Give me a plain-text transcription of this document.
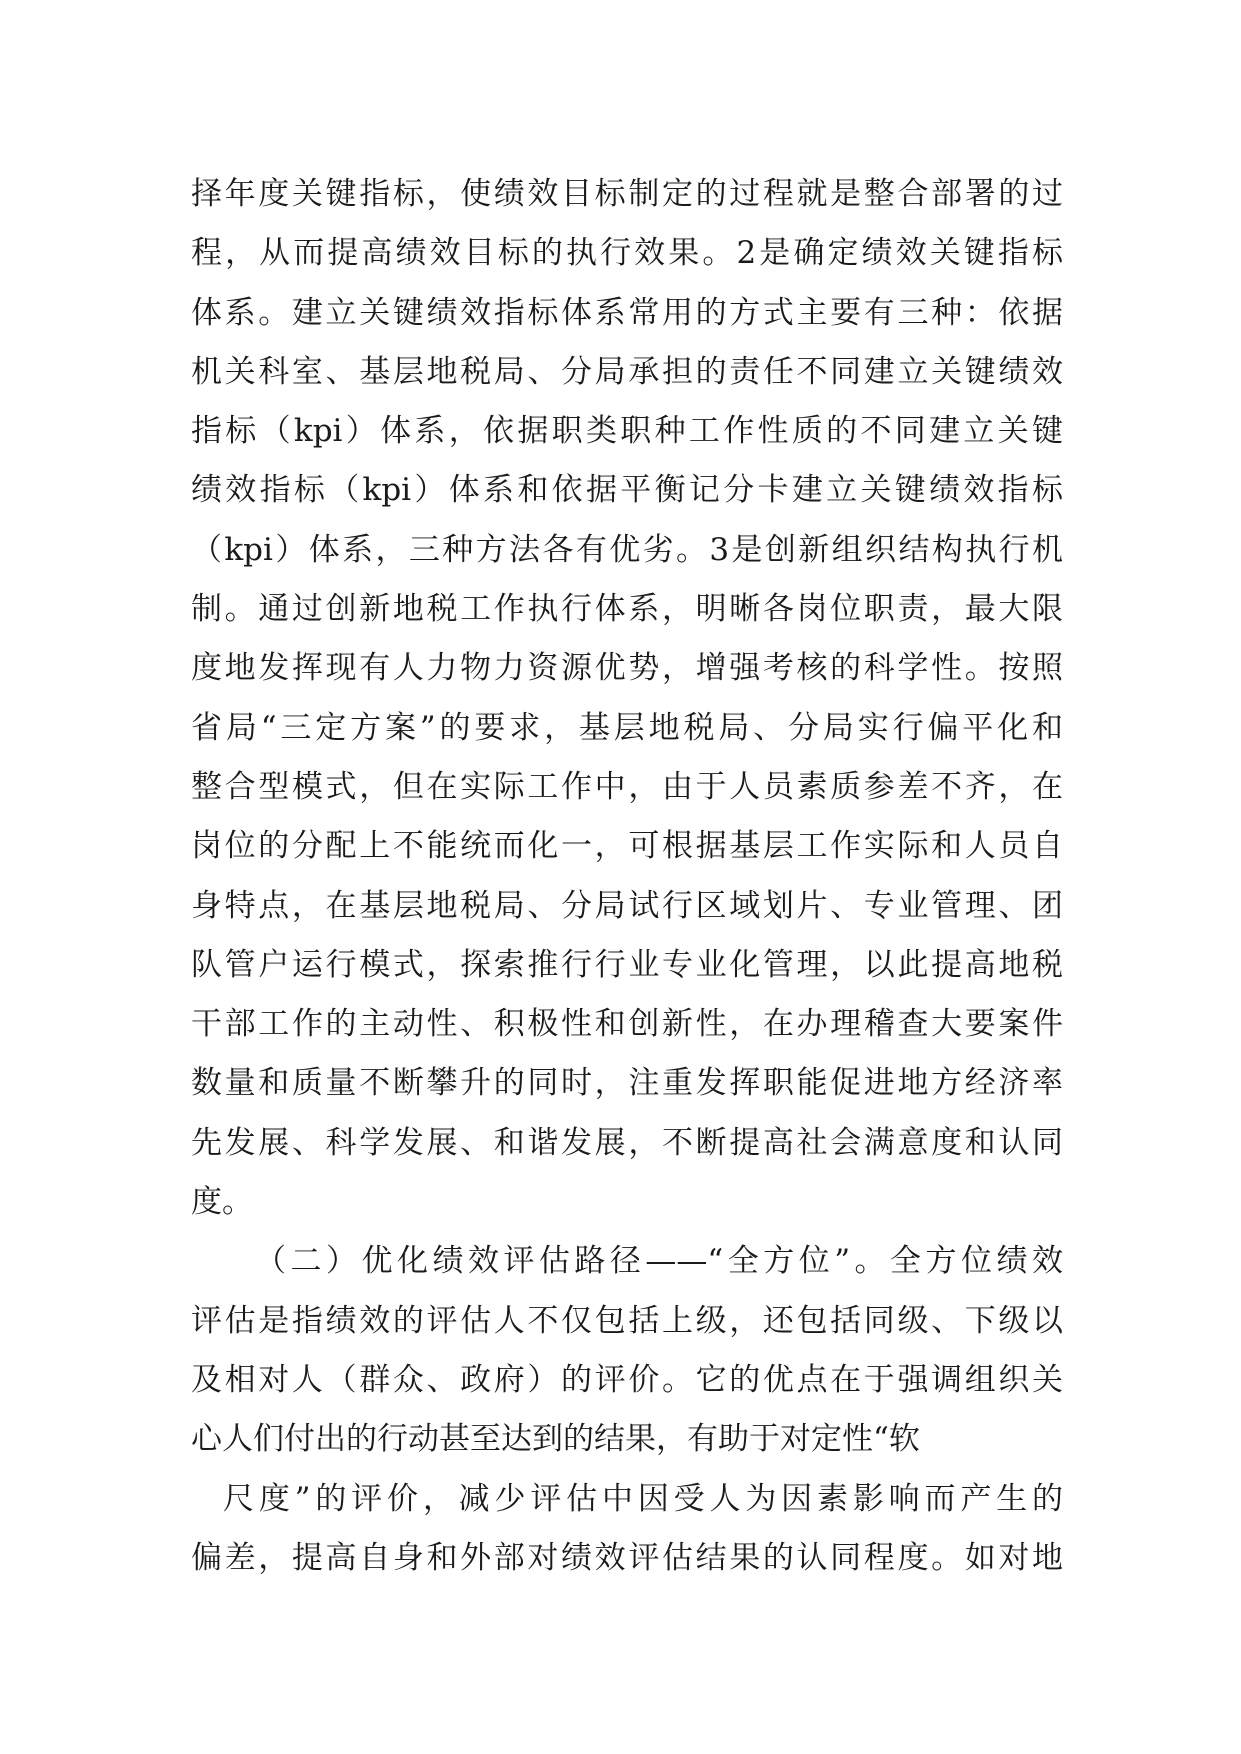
择年度关键指标，使绩效目标制定的过程就是整合部署的过
程，从而提高绩效目标的执行效果。2是确定绩效关键指标
体系。建立关键绩效指标体系常用的方式主要有三种：依据
机关科室、基层地税局、分局承担的责任不同建立关键绩效
指标（kpi）体系，依据职类职种工作性质的不同建立关键
绩效指标（kpi）体系和依据平衡记分卡建立关键绩效指标
（kpi）体系，三种方法各有优劣。3是创新组织结构执行机
制。通过创新地税工作执行体系，明晰各岗位职责，最大限
度地发挥现有人力物力资源优势，增强考核的科学性。按照
省局“三定方案”的要求，基层地税局、分局实行偏平化和
整合型模式，但在实际工作中，由于人员素质参差不齐，在
岗位的分配上不能统而化一，可根据基层工作实际和人员自
身特点，在基层地税局、分局试行区域划片、专业管理、团
队管户运行模式，探索推行行业专业化管理，以此提高地税
干部工作的主动性、积极性和创新性，在办理稽查大要案件
数量和质量不断攀升的同时，注重发挥职能促进地方经济率
先发展、科学发展、和谐发展，不断提高社会满意度和认同
度。
（二）优化绩效评估路径——“全方位”。全方位绩效
评估是指绩效的评估人不仅包括上级，还包括同级、下级以
及相对人（群众、政府）的评价。它的优点在于强调组织关
心人们付出的行动甚至达到的结果，有助于对定性“软
尺度”的评价，减少评估中因受人为因素影响而产生的
偏差，提高自身和外部对绩效评估结果的认同程度。如对地
